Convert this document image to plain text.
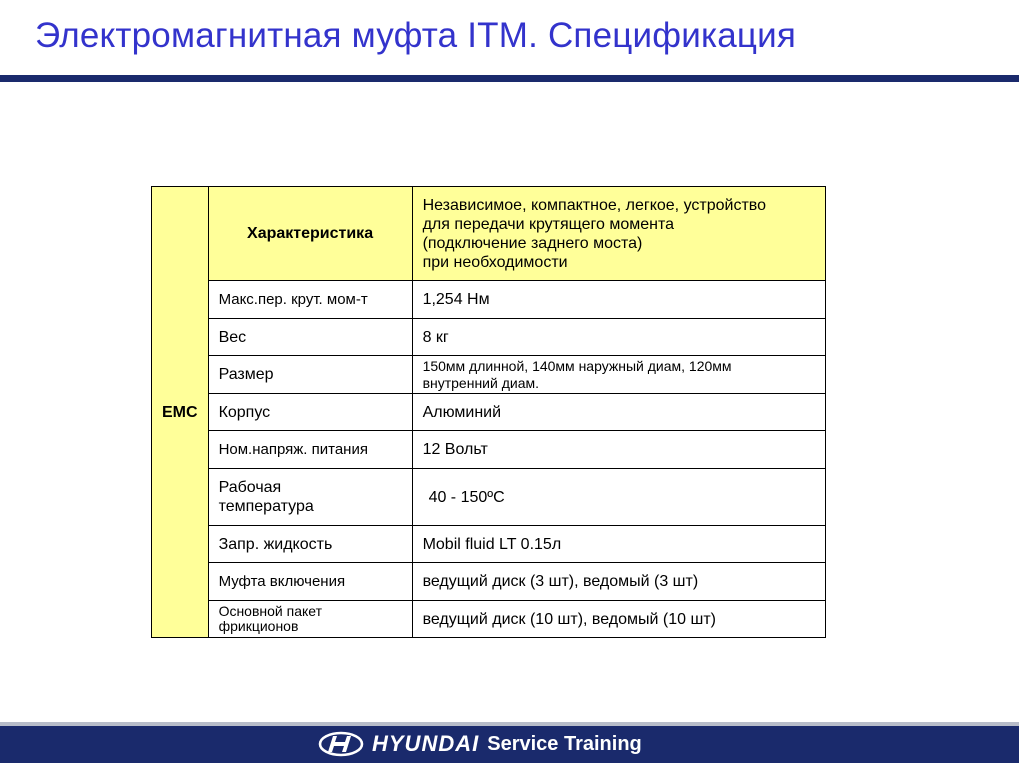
Электромагнитная муфта ITM. Спецификация
EMC	Характеристика	Независимое, компактное, легкое, устройство
для передачи крутящего момента
(подключение заднего моста)
при необходимости

	Макс.пер. крут. мом-т	1,254 Нм
	Вес	8 кг
	Размер	150мм длинной, 140мм наружный диам, 120мм
внутренний диам.

	Корпус	Алюминий
	Ном.напряж. питания	12 Вольт

	Рабочая
температура	40 - 150ºC
	Запр. жидкость	Mobil fluid LT 0.15л
	Муфта включения	ведущий диск (3 шт), ведомый (3 шт)

	Основной пакет
фрикционов	ведущий диск (10 шт), ведомый (10 шт)
HYUNDAI Service Training
